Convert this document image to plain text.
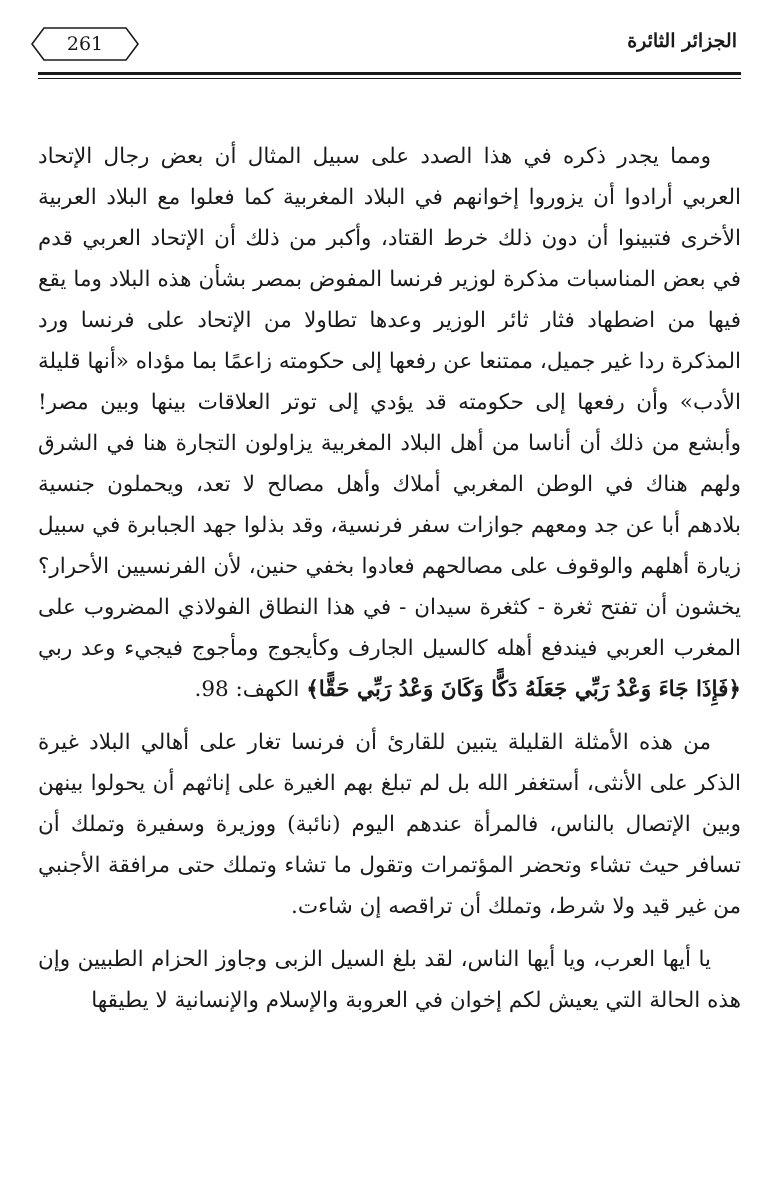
الجزائر الثائرة
261

ومما يجدر ذكره في هذا الصدد على سبيل المثال أن بعض رجال الإتحاد العربي أرادوا أن يزوروا إخوانهم في البلاد المغربية كما فعلوا مع البلاد العربية الأخرى فتبينوا أن دون ذلك خرط القتاد، وأكبر من ذلك أن الإتحاد العربي قدم في بعض المناسبات مذكرة لوزير فرنسا المفوض بمصر بشأن هذه البلاد وما يقع فيها من اضطهاد فثار ثائر الوزير وعدها تطاولا من الإتحاد على فرنسا ورد المذكرة ردا غير جميل، ممتنعا عن رفعها إلى حكومته زاعمًا بما مؤداه «أنها قليلة الأدب» وأن رفعها إلى حكومته قد يؤدي إلى توتر العلاقات بينها وبين مصر! وأبشع من ذلك أن أناسا من أهل البلاد المغربية يزاولون التجارة هنا في الشرق ولهم هناك في الوطن المغربي أملاك وأهل مصالح لا تعد، ويحملون جنسية بلادهم أبا عن جد ومعهم جوازات سفر فرنسية، وقد بذلوا جهد الجبابرة في سبيل زيارة أهلهم والوقوف على مصالحهم فعادوا بخفي حنين، لأن الفرنسيين الأحرار؟ يخشون أن تفتح ثغرة - كثغرة سيدان - في هذا النطاق الفولاذي المضروب على المغرب العربي فيندفع أهله كالسيل الجارف وكأيجوج ومأجوج فيجيء وعد ربي ﴿فَإِذَا جَاءَ وَعْدُ رَبِّي جَعَلَهُ دَكًّا وَكَانَ وَعْدُ رَبِّي حَقًّا﴾ الكهف: 98.

من هذه الأمثلة القليلة يتبين للقارئ أن فرنسا تغار على أهالي البلاد غيرة الذكر على الأنثى، أستغفر الله بل لم تبلغ بهم الغيرة على إناثهم أن يحولوا بينهن وبين الإتصال بالناس، فالمرأة عندهم اليوم (نائبة) ووزيرة وسفيرة وتملك أن تسافر حيث تشاء وتحضر المؤتمرات وتقول ما تشاء وتملك حتى مرافقة الأجنبي من غير قيد ولا شرط، وتملك أن تراقصه إن شاءت.

يا أيها العرب، ويا أيها الناس، لقد بلغ السيل الزبى وجاوز الحزام الطبيين وإن هذه الحالة التي يعيش لكم إخوان في العروبة والإسلام والإنسانية لا يطيقها
